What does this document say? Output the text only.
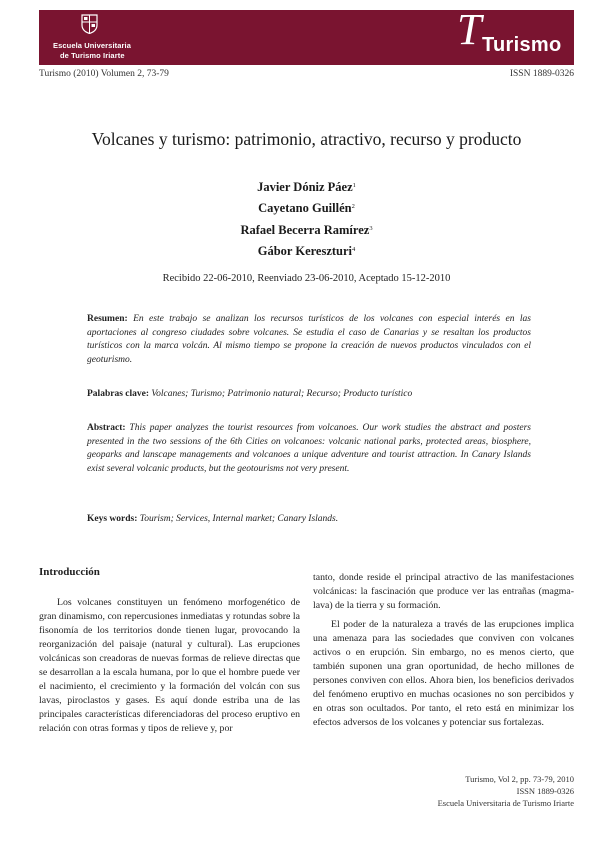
Escuela Universitaria
de Turismo Iriarte
T Turismo
Turismo (2010) Volumen 2, 73-79	ISSN 1889-0326
Volcanes y turismo: patrimonio, atractivo, recurso y producto
Javier Dóniz Páez$^1$
Cayetano Guillén$^2$
Rafael Becerra Ramírez$^3$
Gábor Kereszturi$^4$
Recibido 22-06-2010, Reenviado 23-06-2010, Aceptado 15-12-2010
Resumen: En este trabajo se analizan los recursos turísticos de los volcanes con especial interés en las aportaciones al congreso ciudades sobre volcanes. Se estudia el caso de Canarias y se resaltan los productos turísticos con la marca volcán. Al mismo tiempo se propone la creación de nuevos productos vinculados con el geoturismo.
Palabras clave: Volcanes; Turismo; Patrimonio natural; Recurso; Producto turístico
Abstract: This paper analyzes the tourist resources from volcanoes. Our work studies the abstract and posters presented in the two sessions of the 6th Cities on volcanoes: volcanic national parks, protected areas, biosphere, geoparks and lanscape managements and volcanoes a unique adventure and tourist attraction. In Canary Islands exist several volcanic products, but the geotourisms not very present.
Keys words: Tourism; Services, Internal market; Canary Islands.
Introducción

Los volcanes constituyen un fenómeno morfogenético de gran dinamismo, con repercusiones inmediatas y rotundas sobre la fisonomía de los territorios donde tienen lugar, provocando la reorganización del paisaje (natural y cultural). Las erupciones volcánicas son creadoras de nuevas formas de relieve directas que se desarrollan a la escala humana, por lo que el hombre puede ver el nacimiento, el crecimiento y la formación del volcán con sus lavas, piroclastos y gases. Es aquí donde estriba una de las principales características diferenciadoras del proceso eruptivo en relación con otras formas y tipos de relieve y, por

tanto, donde reside el principal atractivo de las manifestaciones volcánicas: la fascinación que produce ver las entrañas (magma-lava) de la tierra y su formación.

El poder de la naturaleza a través de las erupciones implica una amenaza para las sociedades que conviven con volcanes activos o en erupción. Sin embargo, no es menos cierto, que también suponen una gran oportunidad, de hecho millones de persones conviven con ellos. Ahora bien, los beneficios derivados del fenómeno eruptivo en muchas ocasiones no son percibidos y en otras son ocultados. Por tanto, el reto está en minimizar los efectos adversos de los volcanes y potenciar sus fortalezas.

Turismo, Vol 2, pp. 73-79, 2010
ISSN 1889-0326
Escuela Universitaria de Turismo Iriarte
